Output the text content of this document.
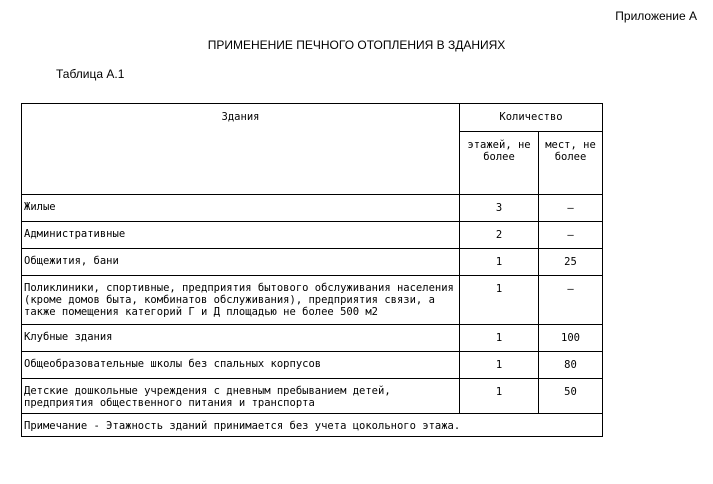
Приложение А
ПРИМЕНЕНИЕ ПЕЧНОГО ОТОПЛЕНИЯ В ЗДАНИЯХ
Таблица А.1
Здания	Количество	
	этажей, не более	мест, не более
Жилые	3	–
Административные	2	–
Общежития, бани	1	25
Поликлиники, спортивные, предприятия бытового обслуживания населения (кроме домов быта, комбинатов обслуживания), предприятия связи, а также помещения категорий Г и Д площадью не более 500 м2	1	–
Клубные здания	1	100
Общеобразовательные школы без спальных корпусов	1	80
Детские дошкольные учреждения с дневным пребыванием детей, предприятия общественного питания и транспорта	1	50
Примечание - Этажность зданий принимается без учета цокольного этажа.		
